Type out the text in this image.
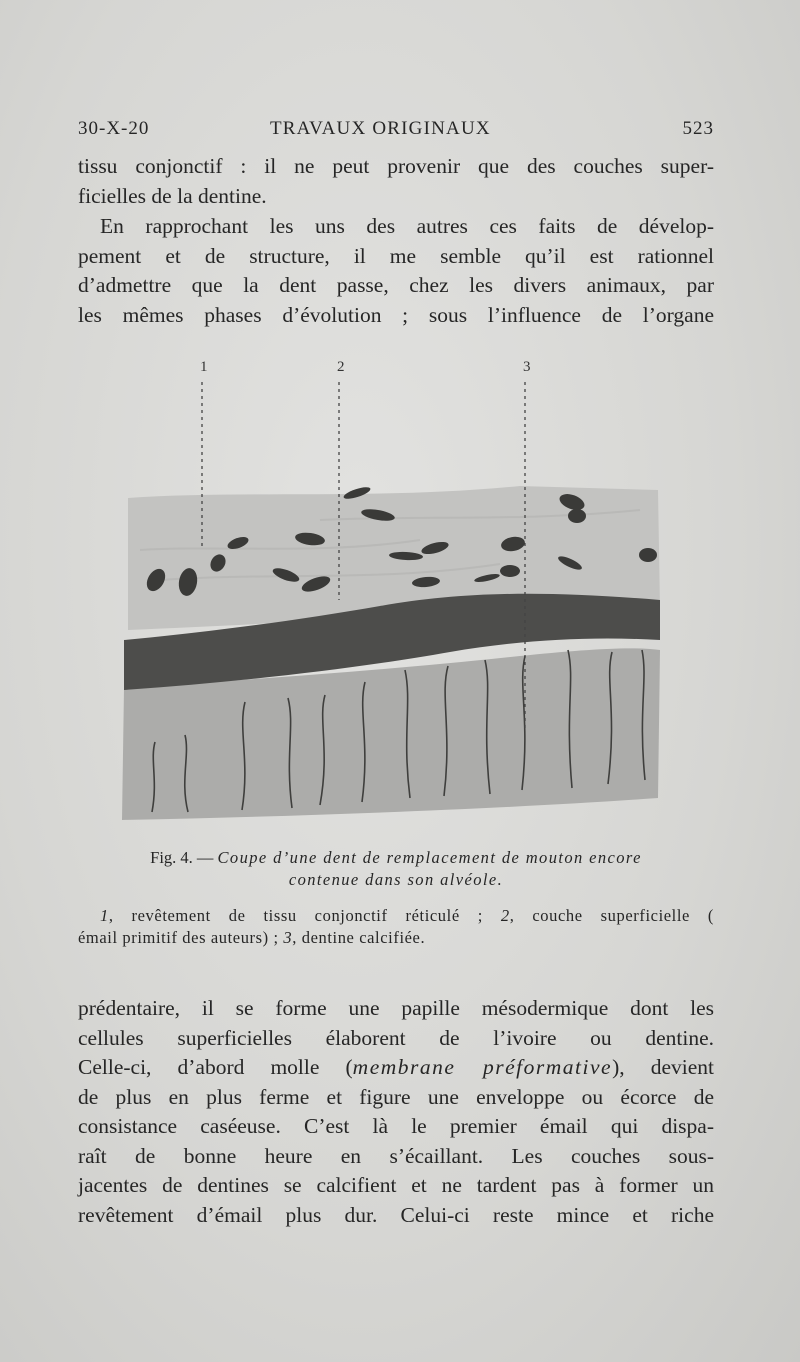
30-X-20	TRAVAUX ORIGINAUX	523
tissu conjonctif : il ne peut provenir que des couches super-
ficielles de la dentine.
En rapprochant les uns des autres ces faits de dévelop-
pement et de structure, il me semble qu’il est rationnel
d’admettre que la dent passe, chez les divers animaux, par
les mêmes phases d’évolution ; sous l’influence de l’organe
1	2	3
Fig. 4. — Coupe d’une dent de remplacement de mouton encore
contenue dans son alvéole.
1, revêtement de tissu conjonctif réticulé ; 2, couche superficielle (
émail primitif des auteurs) ; 3, dentine calcifiée.
prédentaire, il se forme une papille mésodermique dont les
cellules superficielles élaborent de l’ivoire ou dentine.
Celle-ci, d’abord molle (membrane préformative), devient
de plus en plus ferme et figure une enveloppe ou écorce de
consistance caséeuse. C’est là le premier émail qui dispa-
raît de bonne heure en s’écaillant. Les couches sous-
jacentes de dentines se calcifient et ne tardent pas à former un
revêtement d’émail plus dur. Celui-ci reste mince et riche
